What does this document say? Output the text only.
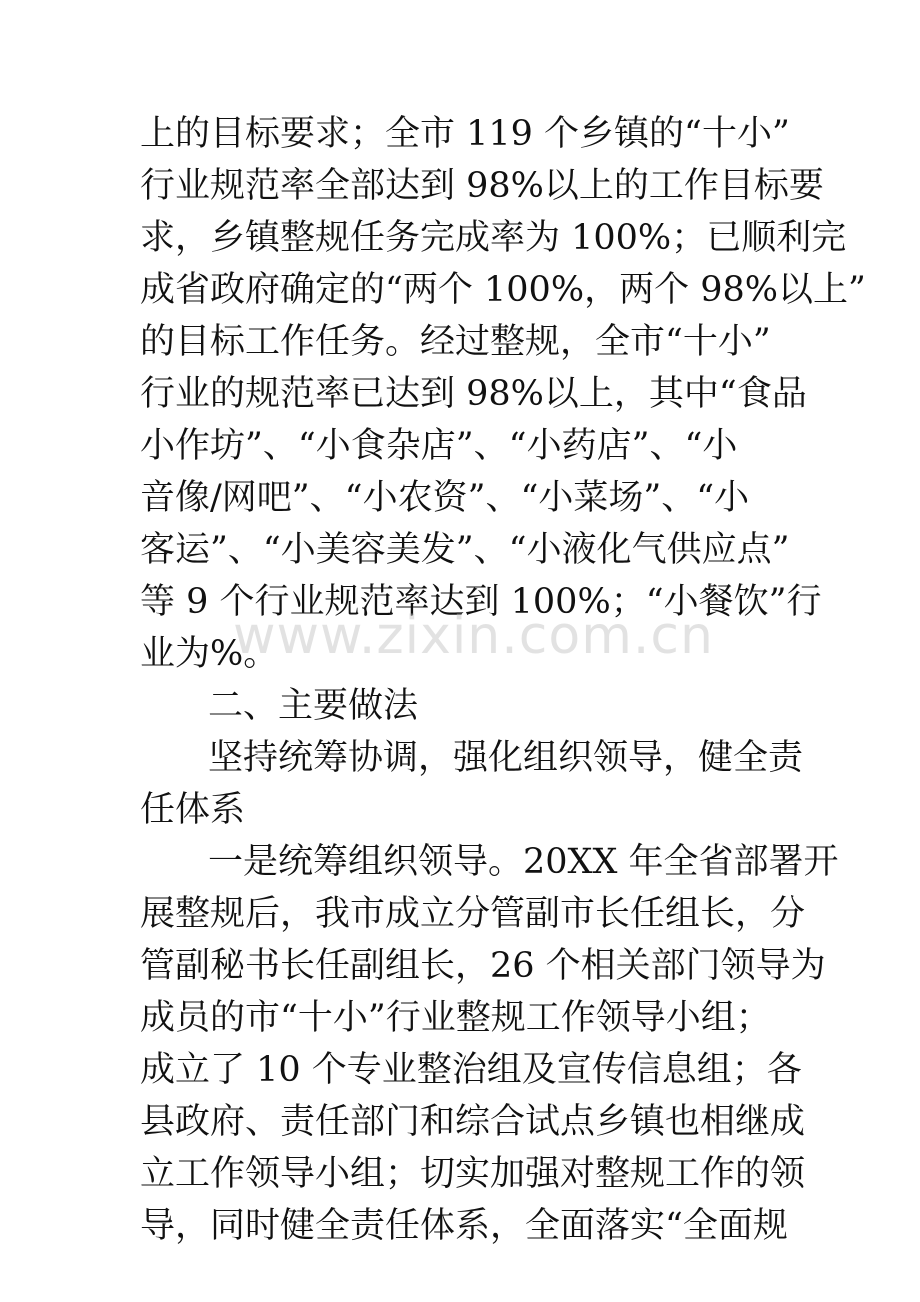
上的目标要求；全市 119 个乡镇的“十小”
行业规范率全部达到 98%以上的工作目标要
求，乡镇整规任务完成率为 100%；已顺利完
成省政府确定的“两个 100%，两个 98%以上”
的目标工作任务。经过整规，全市“十小”
行业的规范率已达到 98%以上，其中“食品
小作坊”、“小食杂店”、“小药店”、“小
音像/网吧”、“小农资”、“小菜场”、“小
客运”、“小美容美发”、“小液化气供应点”
等 9 个行业规范率达到 100%；“小餐饮”行
业为%。
二、主要做法
坚持统筹协调，强化组织领导，健全责
任体系
一是统筹组织领导。20XX 年全省部署开
展整规后，我市成立分管副市长任组长，分
管副秘书长任副组长，26 个相关部门领导为
成员的市“十小”行业整规工作领导小组；
成立了 10 个专业整治组及宣传信息组；各
县政府、责任部门和综合试点乡镇也相继成
立工作领导小组；切实加强对整规工作的领
导，同时健全责任体系，全面落实“全面规
www.zixin.com.cn
